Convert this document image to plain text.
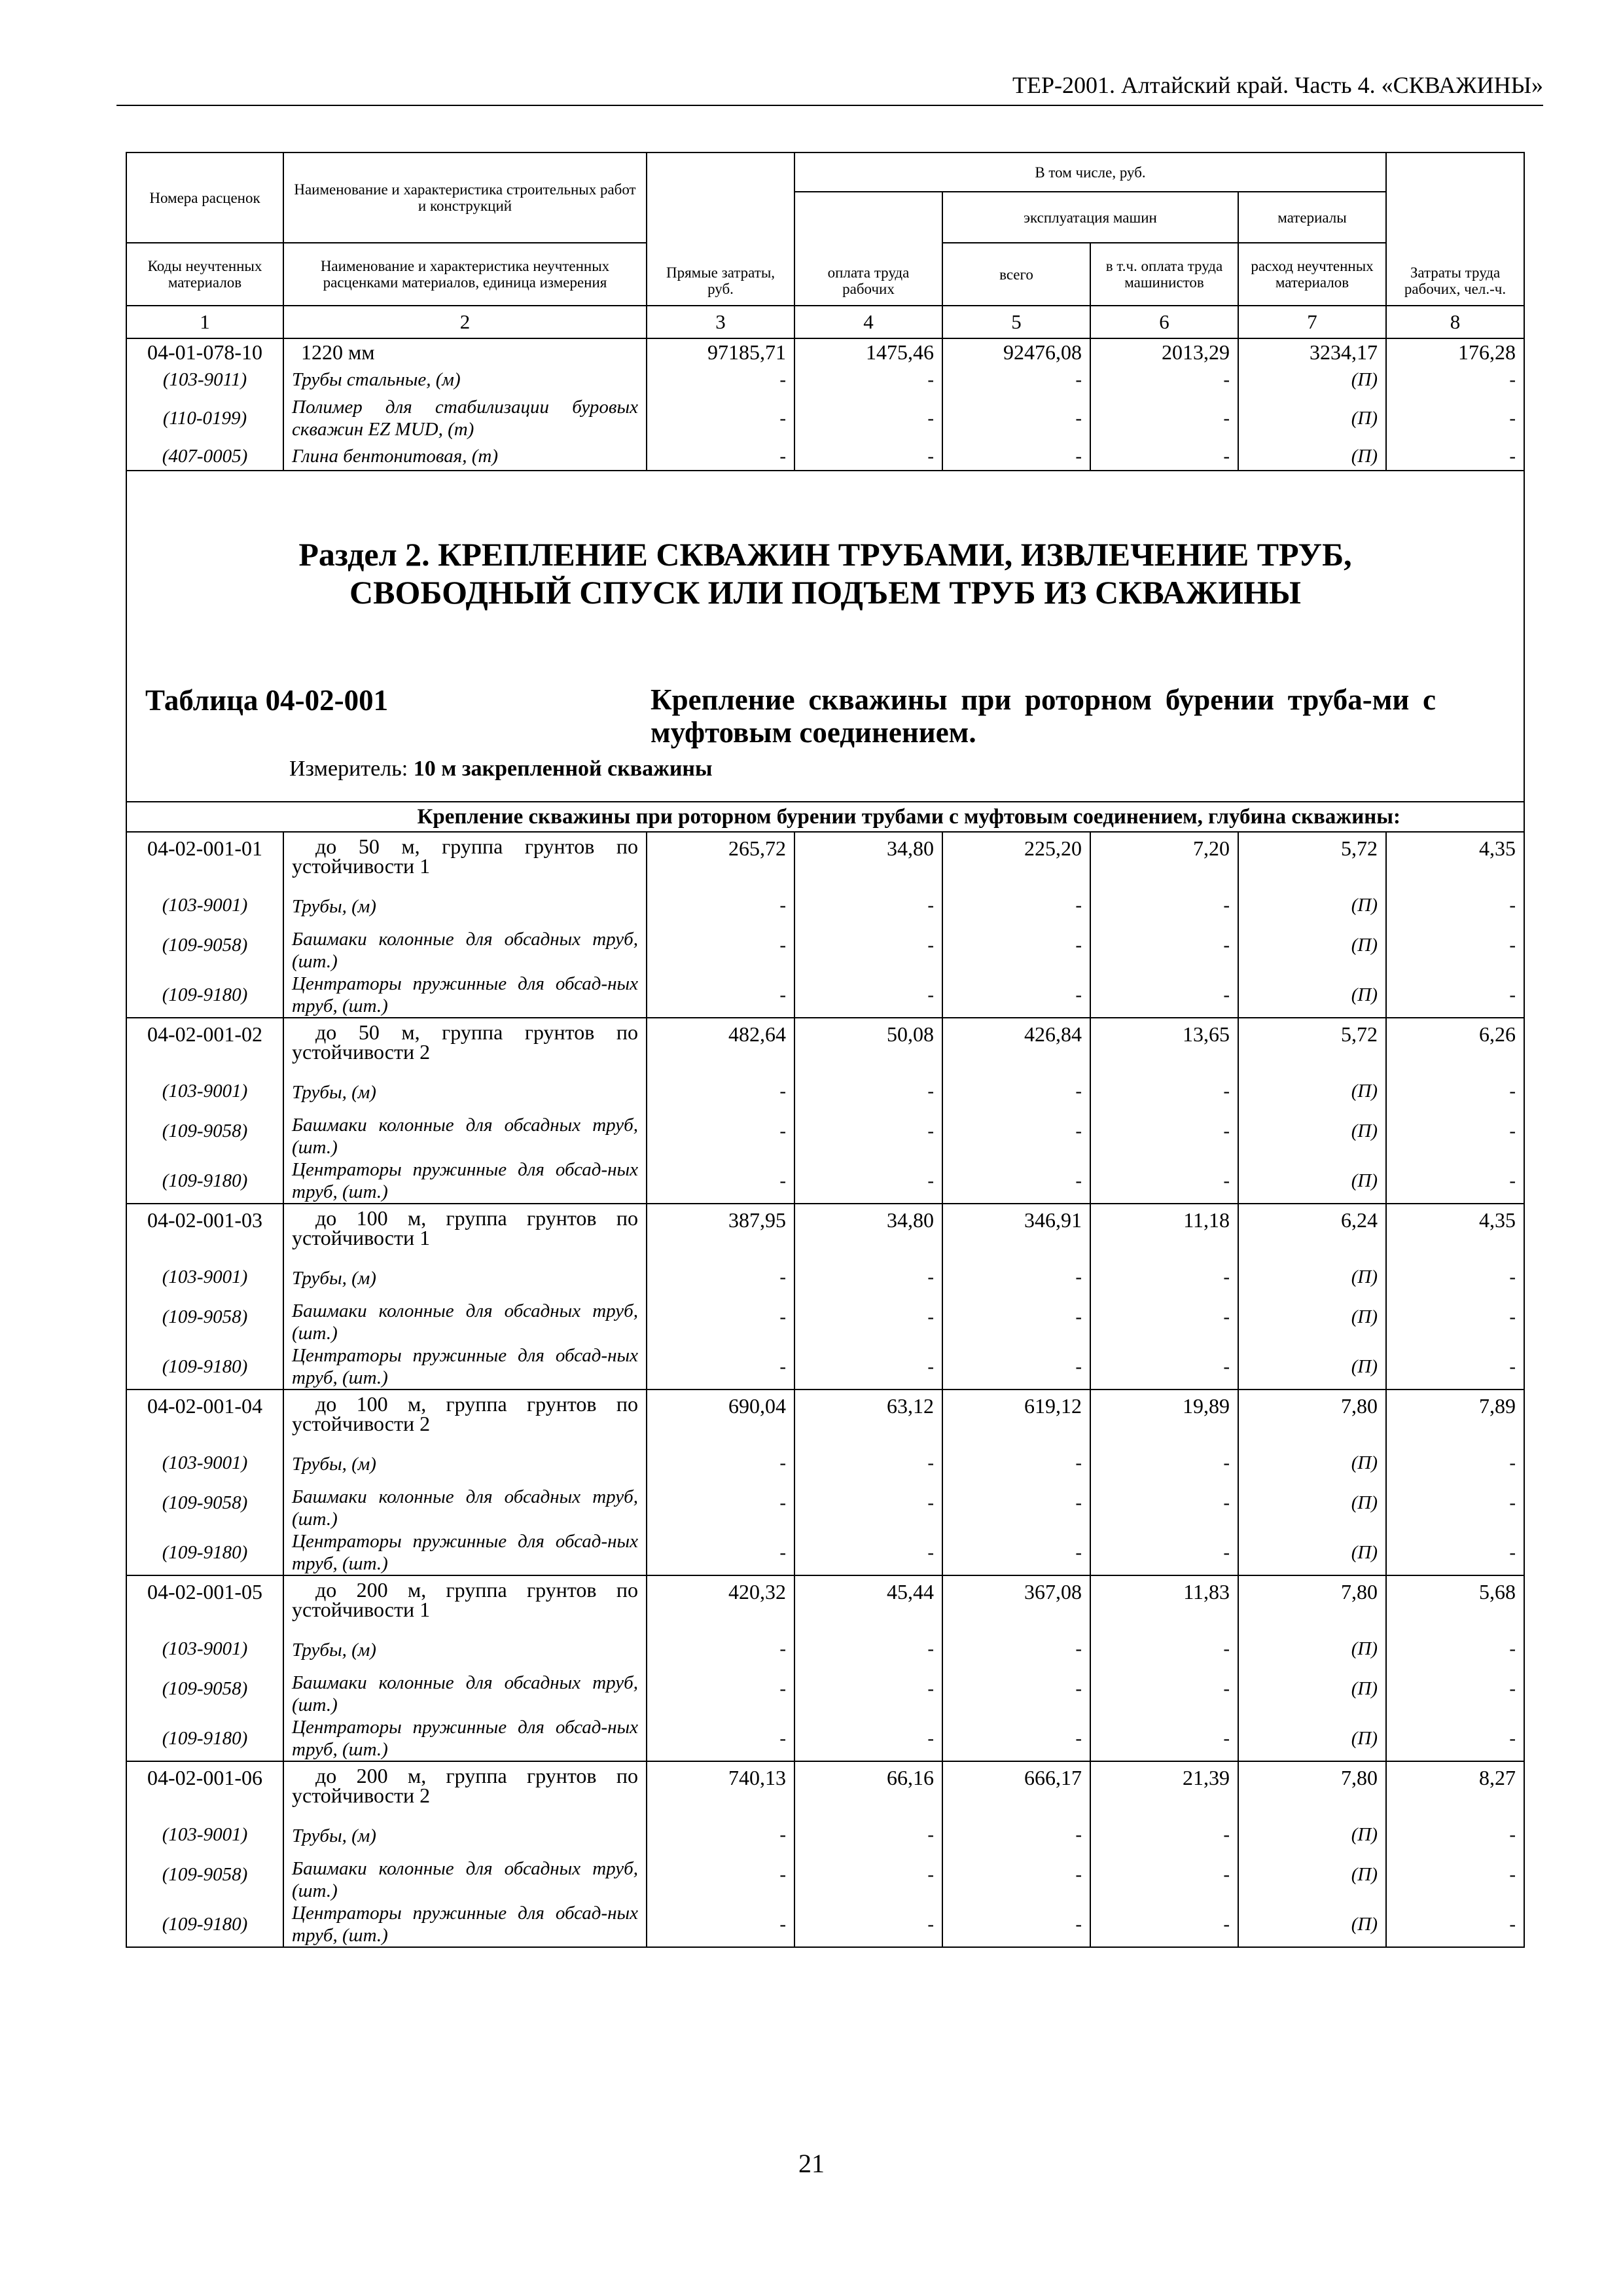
ТЕР-2001. Алтайский край. Часть 4. «СКВАЖИНЫ»
Номера расценок	Наименование и характеристика строительных работ и конструкций	Прямые затраты, руб.	В том числе, руб.				Затраты труда рабочих, чел.-ч.
			оплата труда рабочих	эксплуатация машин		материалы	
Коды неучтенных материалов	Наименование и характеристика неучтенных расценками материалов, единица измерения			всего	в т.ч. оплата труда машинистов	расход неучтенных материалов	
1	2	3	4	5	6	7	8
04-01-078-10	1220 мм	97185,71	1475,46	92476,08	2013,29	3234,17	176,28
(103-9011)	Трубы стальные, (м)	-	-	-	-	(П)	-
(110-0199)	Полимер для стабилизации буровых скважин EZ MUD, (т)	-	-	-	-	(П)	-
(407-0005)	Глина бентонитовая, (т)	-	-	-	-	(П)	-

Раздел 2. КРЕПЛЕНИЕ СКВАЖИН ТРУБАМИ, ИЗВЛЕЧЕНИЕ ТРУБ, СВОБОДНЫЙ СПУСК ИЛИ ПОДЪЕМ ТРУБ ИЗ СКВАЖИНЫ
Таблица 04-02-001 Крепление скважины при роторном бурении труба-ми с муфтовым соединением.
Измеритель: 10 м закрепленной скважины							

Крепление скважины при роторном бурении трубами с муфтовым соединением, глубина скважины:							
04-02-001-01	до 50 м, группа грунтов по устойчивости 1	265,72	34,80	225,20	7,20	5,72	4,35
(103-9001)	Трубы, (м)	-	-	-	-	(П)	-
(109-9058)	Башмаки колонные для обсадных труб, (шт.)	-	-	-	-	(П)	-
(109-9180)	Центраторы пружинные для обсад-ных труб, (шт.)	-	-	-	-	(П)	-
04-02-001-02	до 50 м, группа грунтов по устойчивости 2	482,64	50,08	426,84	13,65	5,72	6,26
(103-9001)	Трубы, (м)	-	-	-	-	(П)	-
(109-9058)	Башмаки колонные для обсадных труб, (шт.)	-	-	-	-	(П)	-
(109-9180)	Центраторы пружинные для обсад-ных труб, (шт.)	-	-	-	-	(П)	-
04-02-001-03	до 100 м, группа грунтов по устойчивости 1	387,95	34,80	346,91	11,18	6,24	4,35
(103-9001)	Трубы, (м)	-	-	-	-	(П)	-
(109-9058)	Башмаки колонные для обсадных труб, (шт.)	-	-	-	-	(П)	-
(109-9180)	Центраторы пружинные для обсад-ных труб, (шт.)	-	-	-	-	(П)	-
04-02-001-04	до 100 м, группа грунтов по устойчивости 2	690,04	63,12	619,12	19,89	7,80	7,89
(103-9001)	Трубы, (м)	-	-	-	-	(П)	-
(109-9058)	Башмаки колонные для обсадных труб, (шт.)	-	-	-	-	(П)	-
(109-9180)	Центраторы пружинные для обсад-ных труб, (шт.)	-	-	-	-	(П)	-
04-02-001-05	до 200 м, группа грунтов по устойчивости 1	420,32	45,44	367,08	11,83	7,80	5,68
(103-9001)	Трубы, (м)	-	-	-	-	(П)	-
(109-9058)	Башмаки колонные для обсадных труб, (шт.)	-	-	-	-	(П)	-
(109-9180)	Центраторы пружинные для обсад-ных труб, (шт.)	-	-	-	-	(П)	-
04-02-001-06	до 200 м, группа грунтов по устойчивости 2	740,13	66,16	666,17	21,39	7,80	8,27
(103-9001)	Трубы, (м)	-	-	-	-	(П)	-
(109-9058)	Башмаки колонные для обсадных труб, (шт.)	-	-	-	-	(П)	-
(109-9180)	Центраторы пружинные для обсад-ных труб, (шт.)	-	-	-	-	(П)	-
21
